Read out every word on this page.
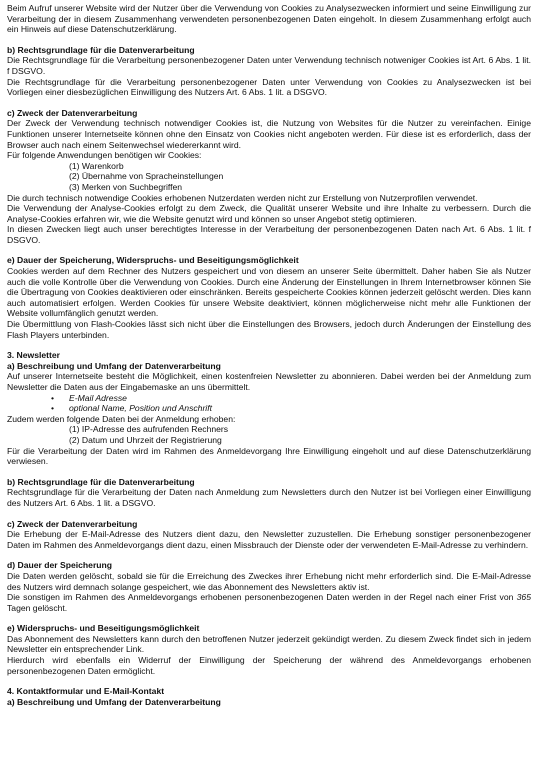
Beim Aufruf unserer Website wird der Nutzer über die Verwendung von Cookies zu Analysezwecken informiert und seine Einwilligung zur Verarbeitung der in diesem Zusammenhang verwendeten personenbezogenen Daten eingeholt. In diesem Zusammenhang erfolgt auch ein Hinweis auf diese Datenschutzerklärung.

b) Rechtsgrundlage für die Datenverarbeitung

Die Rechtsgrundlage für die Verarbeitung personenbezogener Daten unter Verwendung technisch notweniger Cookies ist Art. 6 Abs. 1 lit. f DSGVO.

Die Rechtsgrundlage für die Verarbeitung personenbezogener Daten unter Verwendung von Cookies zu Analysezwecken ist bei Vorliegen einer diesbezüglichen Einwilligung des Nutzers Art. 6 Abs. 1 lit. a DSGVO.

c) Zweck der Datenverarbeitung

Der Zweck der Verwendung technisch notwendiger Cookies ist, die Nutzung von Websites für die Nutzer zu vereinfachen. Einige Funktionen unserer Internetseite können ohne den Einsatz von Cookies nicht angeboten werden. Für diese ist es erforderlich, dass der Browser auch nach einem Seitenwechsel wiedererkannt wird.

Für folgende Anwendungen benötigen wir Cookies:

(1) Warenkorb

(2) Übernahme von Spracheinstellungen

(3) Merken von Suchbegriffen

Die durch technisch notwendige Cookies erhobenen Nutzerdaten werden nicht zur Erstellung von Nutzerprofilen verwendet.

Die Verwendung der Analyse-Cookies erfolgt zu dem Zweck, die Qualität unserer Website und ihre Inhalte zu verbessern. Durch die Analyse-Cookies erfahren wir, wie die Website genutzt wird und können so unser Angebot stetig optimieren.

In diesen Zwecken liegt auch unser berechtigtes Interesse in der Verarbeitung der personenbezogenen Daten nach Art. 6 Abs. 1 lit. f DSGVO.

e) Dauer der Speicherung, Widerspruchs- und Beseitigungsmöglichkeit

Cookies werden auf dem Rechner des Nutzers gespeichert und von diesem an unserer Seite übermittelt. Daher haben Sie als Nutzer auch die volle Kontrolle über die Verwendung von Cookies. Durch eine Änderung der Einstellungen in Ihrem Internetbrowser können Sie die Übertragung von Cookies deaktivieren oder einschränken. Bereits gespeicherte Cookies können jederzeit gelöscht werden. Dies kann auch automatisiert erfolgen. Werden Cookies für unsere Website deaktiviert, können möglicherweise nicht mehr alle Funktionen der Website vollumfänglich genutzt werden.

Die Übermittlung von Flash-Cookies lässt sich nicht über die Einstellungen des Browsers, jedoch durch Änderungen der Einstellung des Flash Players unterbinden.

3. Newsletter

a) Beschreibung und Umfang der Datenverarbeitung

Auf unserer Internetseite besteht die Möglichkeit, einen kostenfreien Newsletter zu abonnieren. Dabei werden bei der Anmeldung zum Newsletter die Daten aus der Eingabemaske an uns übermittelt.

• E-Mail Adresse
• optional Name, Position und Anschrift

Zudem werden folgende Daten bei der Anmeldung erhoben:

(1) IP-Adresse des aufrufenden Rechners

(2) Datum und Uhrzeit der Registrierung

Für die Verarbeitung der Daten wird im Rahmen des Anmeldevorgang Ihre Einwilligung eingeholt und auf diese Datenschutzerklärung verwiesen.

b) Rechtsgrundlage für die Datenverarbeitung

Rechtsgrundlage für die Verarbeitung der Daten nach Anmeldung zum Newsletters durch den Nutzer ist bei Vorliegen einer Einwilligung des Nutzers Art. 6 Abs. 1 lit. a DSGVO.

c) Zweck der Datenverarbeitung

Die Erhebung der E-Mail-Adresse des Nutzers dient dazu, den Newsletter zuzustellen. Die Erhebung sonstiger personenbezogener Daten im Rahmen des Anmeldevorgangs dient dazu, einen Missbrauch der Dienste oder der verwendeten E-Mail-Adresse zu verhindern.

d) Dauer der Speicherung

Die Daten werden gelöscht, sobald sie für die Erreichung des Zweckes ihrer Erhebung nicht mehr erforderlich sind. Die E-Mail-Adresse des Nutzers wird demnach solange gespeichert, wie das Abonnement des Newsletters aktiv ist.

Die sonstigen im Rahmen des Anmeldevorgangs erhobenen personenbezogenen Daten werden in der Regel nach einer Frist von 365 Tagen gelöscht.

e) Widerspruchs- und Beseitigungsmöglichkeit

Das Abonnement des Newsletters kann durch den betroffenen Nutzer jederzeit gekündigt werden. Zu diesem Zweck findet sich in jedem Newsletter ein entsprechender Link.

Hierdurch wird ebenfalls ein Widerruf der Einwilligung der Speicherung der während des Anmeldevorgangs erhobenen personenbezogenen Daten ermöglicht.

4. Kontaktformular und E-Mail-Kontakt

a) Beschreibung und Umfang der Datenverarbeitung
